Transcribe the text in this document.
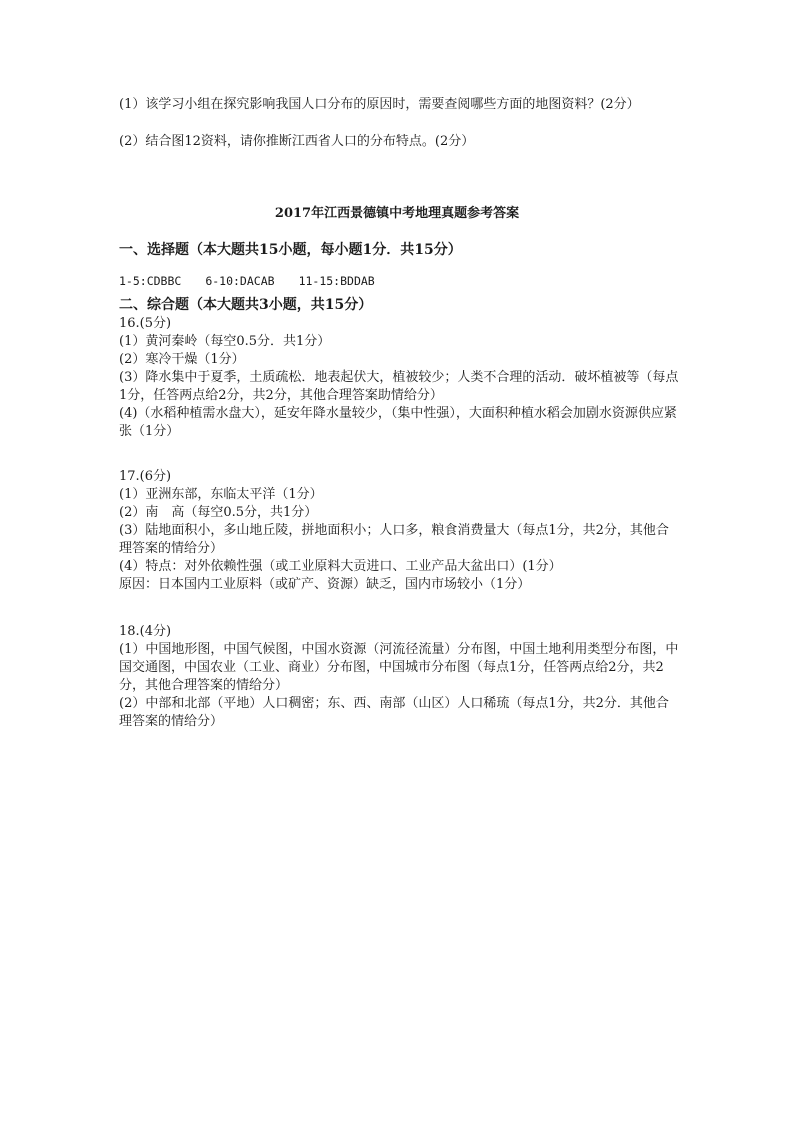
(1）该学习小组在探究影响我国人口分布的原因时，需要查阅哪些方面的地图资料？(2分）
(2）结合图12资料，请你推断江西省人口的分布特点。(2分）
2017年江西景德镇中考地理真题参考答案
一、选择题（本大题共15小题，每小题1分．共15分）
1-5:CDBBC 6-10:DACAB 11-15:BDDAB
二、综合题（本大题共3小题，共15分）

16.(5分)

(1）黄河秦岭（每空0.5分．共1分）

(2）寒冷干燥（1分）

(3）降水集中于夏季，土质疏松．地表起伏大，植被较少；人类不合理的活动．破坏植被等（每点1分，任答两点给2分，共2分，其他合理答案助情给分）

(4)（水稻种植需水盘大），延安年降水量较少，（集中性强），大面积种植水稻会加剧水资源供应紧张（1分）

17.(6分)

(1）亚洲东部，东临太平洋（1分）

(2）南　高（每空0.5分，共1分）

(3）陆地面积小，多山地丘陵，拼地面积小；人口多，粮食消费量大（每点1分，共2分，其他合理答案的情给分）

(4）特点：对外依赖性强（或工业原料大贡进口、工业产品大盆出口）(1分）

原因：日本国内工业原料（或矿产、资源）缺乏，国内市场较小（1分）

18.(4分)

(1）中国地形图，中国气候图，中国水资源（河流径流量）分布图，中国土地利用类型分布图，中国交通图，中国农业（工业、商业）分布图，中国城市分布图（每点1分，任答两点给2分，共2分，其他合理答案的情给分）

(2）中部和北部（平地）人口稠密；东、西、南部（山区）人口稀琉（每点1分，共2分．其他合理答案的情给分）
